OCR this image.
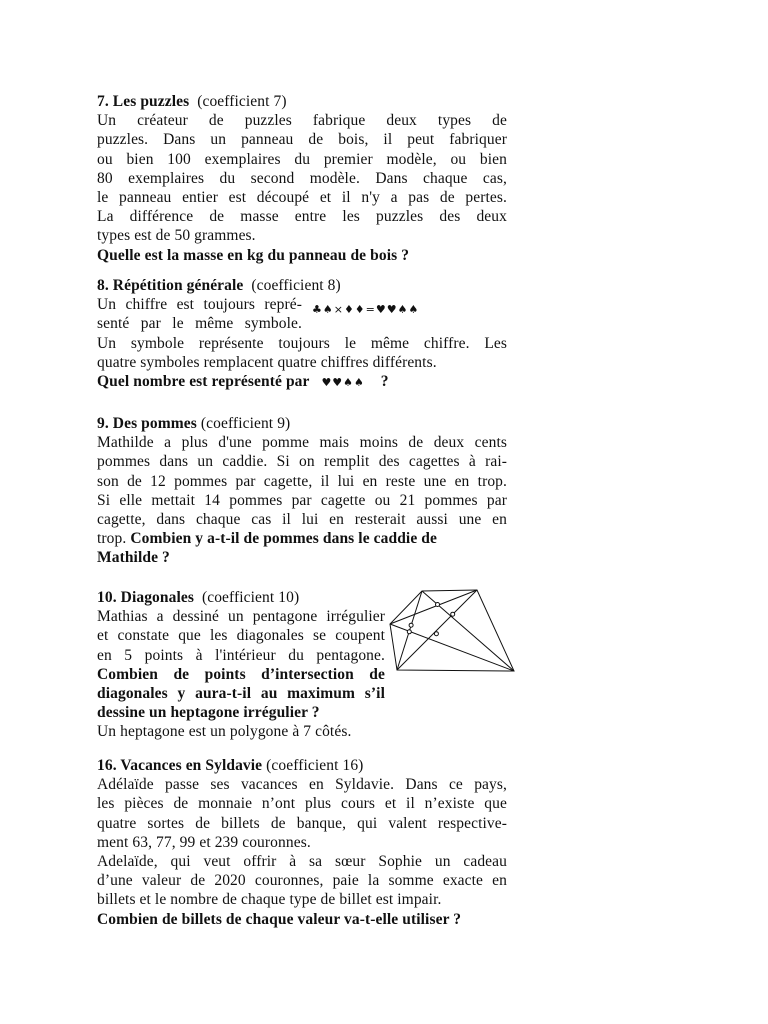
7. Les puzzles (coefficient 7)
Un créateur de puzzles fabrique deux types de
puzzles. Dans un panneau de bois, il peut fabriquer
ou bien 100 exemplaires du premier modèle, ou bien
80 exemplaires du second modèle. Dans chaque cas,
le panneau entier est découpé et il n'y a pas de pertes.
La différence de masse entre les puzzles des deux
types est de 50 grammes.
Quelle est la masse en kg du panneau de bois ?
8. Répétition générale (coefficient 8)
Un chiffre est toujours repré-
senté par le même symbole.
Un symbole représente toujours le même chiffre. Les
quatre symboles remplacent quatre chiffres différents.
♣♠×♦♦=♥♥♠♠
Quel nombre est représenté par ♥♥♠♠ ?
9. Des pommes (coefficient 9)
Mathilde a plus d'une pomme mais moins de deux cents
pommes dans un caddie. Si on remplit des cagettes à rai-
son de 12 pommes par cagette, il lui en reste une en trop.
Si elle mettait 14 pommes par cagette ou 21 pommes par
cagette, dans chaque cas il lui en resterait aussi une en
trop. Combien y a-t-il de pommes dans le caddie de
Mathilde ?
10. Diagonales (coefficient 10)
Mathias a dessiné un pentagone irrégulier
et constate que les diagonales se coupent
en 5 points à l'intérieur du pentagone.
Combien de points d’intersection de
diagonales y aura-t-il au maximum s’il
dessine un heptagone irrégulier ?
Un heptagone est un polygone à 7 côtés.
16. Vacances en Syldavie (coefficient 16)
Adélaïde passe ses vacances en Syldavie. Dans ce pays,
les pièces de monnaie n’ont plus cours et il n’existe que
quatre sortes de billets de banque, qui valent respective-
ment 63, 77, 99 et 239 couronnes.
Adelaïde, qui veut offrir à sa sœur Sophie un cadeau
d’une valeur de 2020 couronnes, paie la somme exacte en
billets et le nombre de chaque type de billet est impair.
Combien de billets de chaque valeur va-t-elle utiliser ?
